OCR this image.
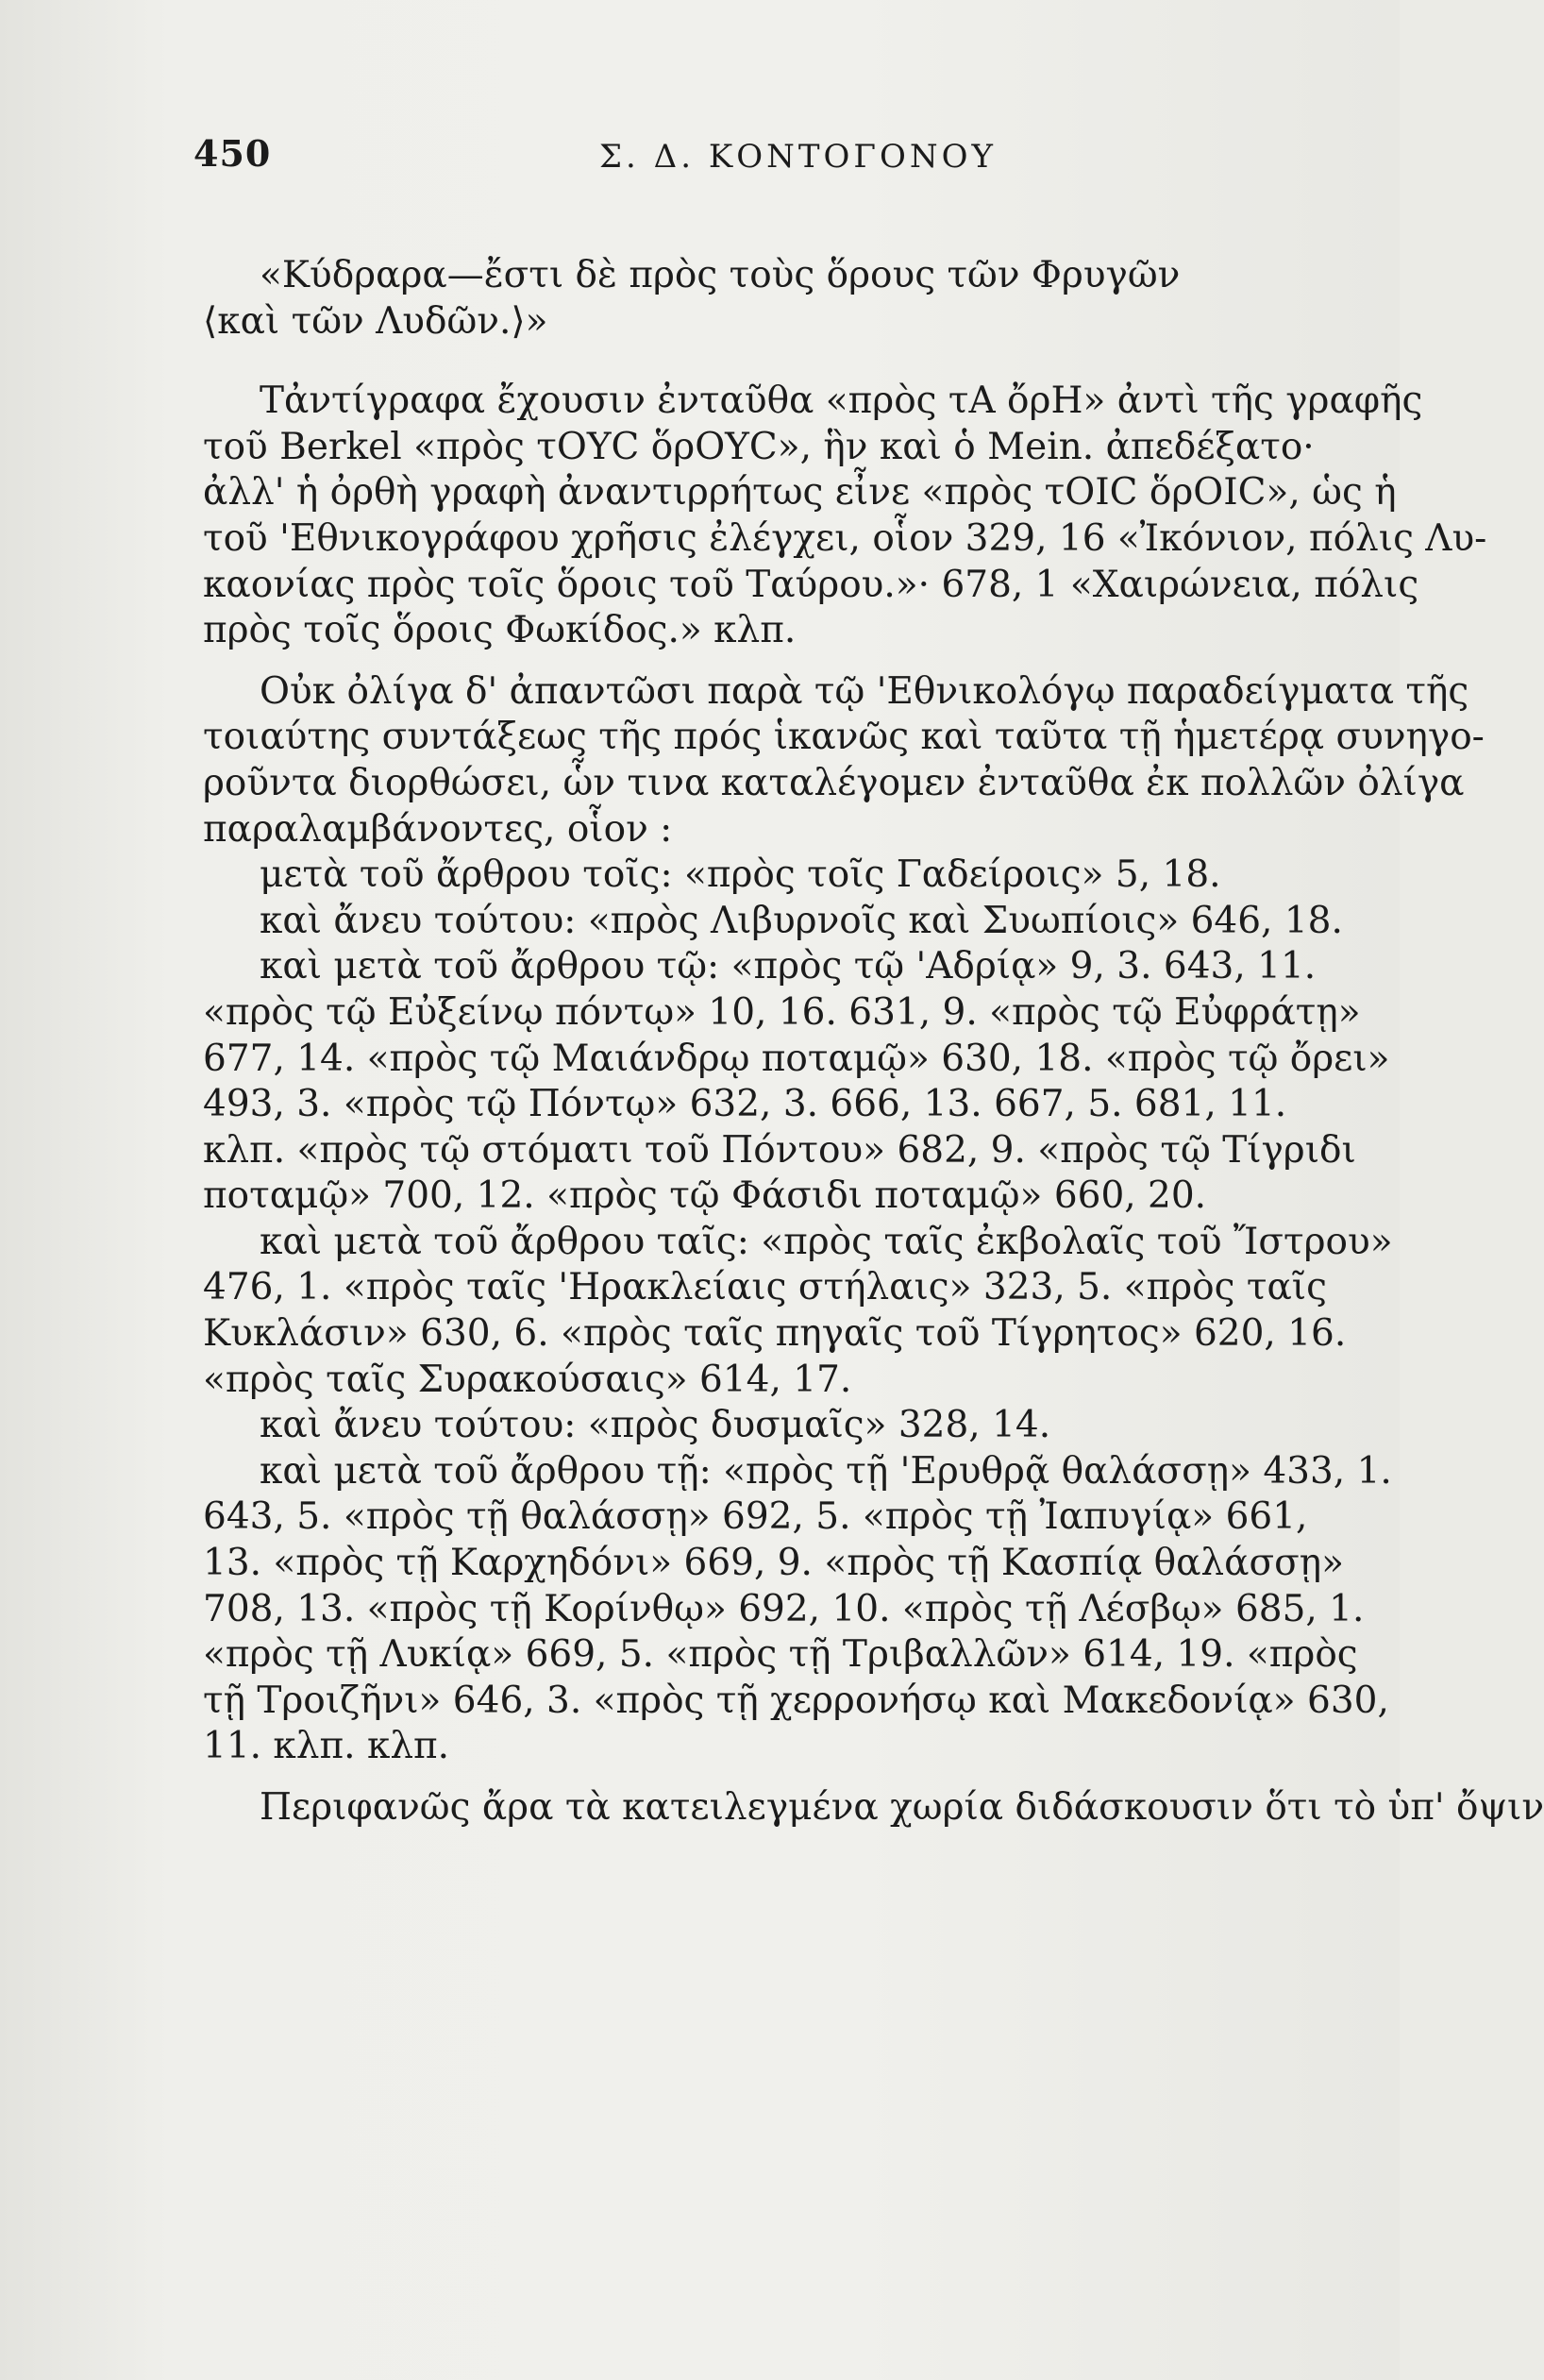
450	Σ. Δ. ΚΟΝΤΟΓΟΝΟΥ
«Κύδραρα—ἔστι δὲ πρὸς τοὺς ὅρους τῶν Φρυγῶν
⟨καὶ τῶν Λυδῶν.⟩»
Τἀντίγραφα ἔχουσιν ἐνταῦθα «πρὸς τΑ ὄρΗ» ἀντὶ τῆς γραφῆς
τοῦ Berkel «πρὸς τΟΥC ὅρΟΥC», ἣν καὶ ὁ Mein. ἀπεδέξατο·
ἀλλ' ἡ ὀρθὴ γραφὴ ἀναντιρρήτως εἶνε «πρὸς τΟΙC ὅρΟΙC», ὡς ἡ
τοῦ 'Εθνικογράφου χρῆσις ἐλέγχει, οἷον 329, 16 «Ἰκόνιον, πόλις Λυ-
καονίας πρὸς τοῖς ὅροις τοῦ Ταύρου.»· 678, 1 «Χαιρώνεια, πόλις
πρὸς τοῖς ὅροις Φωκίδος.» κλπ.
Οὐκ ὀλίγα δ' ἀπαντῶσι παρὰ τῷ 'Εθνικολόγῳ παραδείγματα τῆς
τοιαύτης συντάξεως τῆς πρός ἱκανῶς καὶ ταῦτα τῇ ἡμετέρᾳ συνηγο-
ροῦντα διορθώσει, ὧν τινα καταλέγομεν ἐνταῦθα ἐκ πολλῶν ὀλίγα
παραλαμβάνοντες, οἷον :
μετὰ τοῦ ἄρθρου τοῖς: «πρὸς τοῖς Γαδείροις» 5, 18.
καὶ ἄνευ τούτου: «πρὸς Λιβυρνοῖς καὶ Συωπίοις» 646, 18.
καὶ μετὰ τοῦ ἄρθρου τῷ: «πρὸς τῷ 'Αδρίᾳ» 9, 3. 643, 11.
«πρὸς τῷ Εὐξείνῳ πόντῳ» 10, 16. 631, 9. «πρὸς τῷ Εὐφράτῃ»
677, 14. «πρὸς τῷ Μαιάνδρῳ ποταμῷ» 630, 18. «πρὸς τῷ ὄρει»
493, 3. «πρὸς τῷ Πόντῳ» 632, 3. 666, 13. 667, 5. 681, 11.
κλπ. «πρὸς τῷ στόματι τοῦ Πόντου» 682, 9. «πρὸς τῷ Τίγριδι
ποταμῷ» 700, 12. «πρὸς τῷ Φάσιδι ποταμῷ» 660, 20.
καὶ μετὰ τοῦ ἄρθρου ταῖς: «πρὸς ταῖς ἐκβολαῖς τοῦ Ἴστρου»
476, 1. «πρὸς ταῖς 'Ηρακλείαις στήλαις» 323, 5. «πρὸς ταῖς
Κυκλάσιν» 630, 6. «πρὸς ταῖς πηγαῖς τοῦ Τίγρητος» 620, 16.
«πρὸς ταῖς Συρακούσαις» 614, 17.
καὶ ἄνευ τούτου: «πρὸς δυσμαῖς» 328, 14.
καὶ μετὰ τοῦ ἄρθρου τῇ: «πρὸς τῇ 'Ερυθρᾷ θαλάσσῃ» 433, 1.
643, 5. «πρὸς τῇ θαλάσσῃ» 692, 5. «πρὸς τῇ Ἰαπυγίᾳ» 661,
13. «πρὸς τῇ Καρχηδόνι» 669, 9. «πρὸς τῇ Κασπίᾳ θαλάσσῃ»
708, 13. «πρὸς τῇ Κορίνθῳ» 692, 10. «πρὸς τῇ Λέσβῳ» 685, 1.
«πρὸς τῇ Λυκίᾳ» 669, 5. «πρὸς τῇ Τριβαλλῶν» 614, 19. «πρὸς
τῇ Τροιζῆνι» 646, 3. «πρὸς τῇ χερρονήσῳ καὶ Μακεδονίᾳ» 630,
11. κλπ. κλπ.
Περιφανῶς ἄρα τὰ κατειλεγμένα χωρία διδάσκουσιν ὅτι τὸ ὑπ' ὄψιν
